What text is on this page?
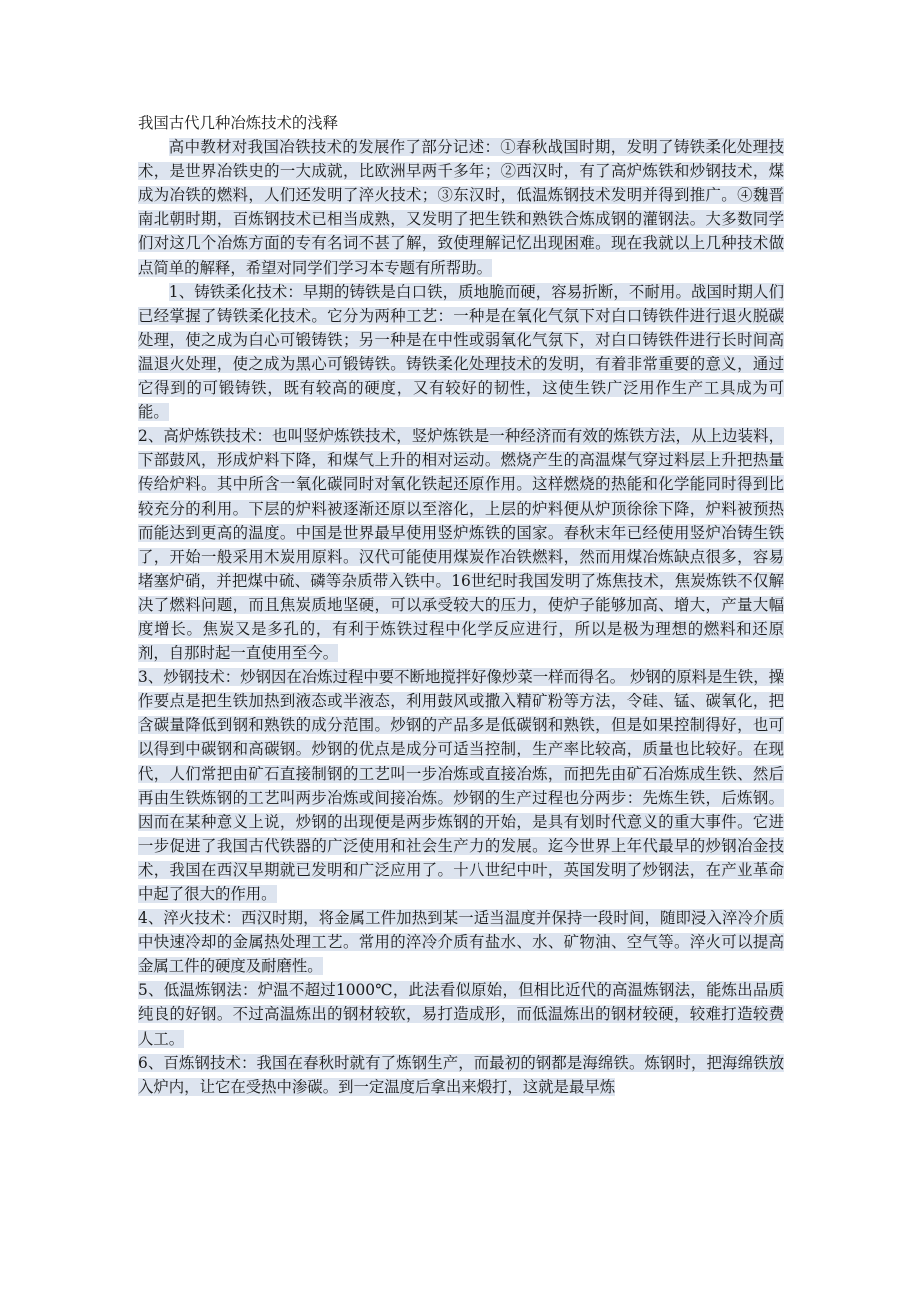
我国古代几种冶炼技术的浅释

高中教材对我国冶铁技术的发展作了部分记述：①春秋战国时期，发明了铸铁柔化处理技术，是世界冶铁史的一大成就，比欧洲早两千多年；②西汉时，有了高炉炼铁和炒钢技术，煤成为冶铁的燃料，人们还发明了淬火技术；③东汉时，低温炼钢技术发明并得到推广。④魏晋南北朝时期，百炼钢技术已相当成熟，又发明了把生铁和熟铁合炼成钢的灌钢法。大多数同学们对这几个冶炼方面的专有名词不甚了解，致使理解记忆出现困难。现在我就以上几种技术做点简单的解释，希望对同学们学习本专题有所帮助。

1、铸铁柔化技术：早期的铸铁是白口铁，质地脆而硬，容易折断，不耐用。战国时期人们已经掌握了铸铁柔化技术。它分为两种工艺：一种是在氧化气氛下对白口铸铁件进行退火脱碳处理，使之成为白心可锻铸铁；另一种是在中性或弱氧化气氛下，对白口铸铁件进行长时间高温退火处理，使之成为黑心可锻铸铁。铸铁柔化处理技术的发明，有着非常重要的意义，通过它得到的可锻铸铁，既有较高的硬度，又有较好的韧性，这使生铁广泛用作生产工具成为可能。

2、高炉炼铁技术：也叫竖炉炼铁技术，竖炉炼铁是一种经济而有效的炼铁方法，从上边装料，下部鼓风，形成炉料下降，和煤气上升的相对运动。燃烧产生的高温煤气穿过料层上升把热量传给炉料。其中所含一氧化碳同时对氧化铁起还原作用。这样燃烧的热能和化学能同时得到比较充分的利用。下层的炉料被逐渐还原以至溶化，上层的炉料便从炉顶徐徐下降，炉料被预热而能达到更高的温度。中国是世界最早使用竖炉炼铁的国家。春秋末年已经使用竖炉冶铸生铁了，开始一般采用木炭用原料。汉代可能使用煤炭作冶铁燃料，然而用煤冶炼缺点很多，容易堵塞炉硝，并把煤中硫、磷等杂质带入铁中。16世纪时我国发明了炼焦技术，焦炭炼铁不仅解决了燃料问题，而且焦炭质地坚硬，可以承受较大的压力，使炉子能够加高、增大，产量大幅度增长。焦炭又是多孔的，有利于炼铁过程中化学反应进行，所以是极为理想的燃料和还原剂，自那时起一直使用至今。

3、炒钢技术：炒钢因在冶炼过程中要不断地搅拌好像炒菜一样而得名。 炒钢的原料是生铁，操作要点是把生铁加热到液态或半液态，利用鼓风或撒入精矿粉等方法，令硅、锰、碳氧化，把含碳量降低到钢和熟铁的成分范围。炒钢的产品多是低碳钢和熟铁，但是如果控制得好，也可以得到中碳钢和高碳钢。炒钢的优点是成分可适当控制，生产率比较高，质量也比较好。在现代，人们常把由矿石直接制钢的工艺叫一步冶炼或直接冶炼，而把先由矿石冶炼成生铁、然后再由生铁炼钢的工艺叫两步冶炼或间接冶炼。炒钢的生产过程也分两步：先炼生铁，后炼钢。因而在某种意义上说，炒钢的出现便是两步炼钢的开始，是具有划时代意义的重大事件。它进一步促进了我国古代铁器的广泛使用和社会生产力的发展。迄今世界上年代最早的炒钢冶金技术，我国在西汉早期就已发明和广泛应用了。十八世纪中叶，英国发明了炒钢法，在产业革命中起了很大的作用。

4、淬火技术：西汉时期，将金属工件加热到某一适当温度并保持一段时间，随即浸入淬冷介质中快速冷却的金属热处理工艺。常用的淬冷介质有盐水、水、矿物油、空气等。淬火可以提高金属工件的硬度及耐磨性。

5、低温炼钢法：炉温不超过1000℃，此法看似原始，但相比近代的高温炼钢法，能炼出品质纯良的好钢。不过高温炼出的钢材较软，易打造成形，而低温炼出的钢材较硬，较难打造较费人工。

6、百炼钢技术：我国在春秋时就有了炼钢生产，而最初的钢都是海绵铁。炼钢时，把海绵铁放入炉内，让它在受热中渗碳。到一定温度后拿出来煅打，这就是最早炼
